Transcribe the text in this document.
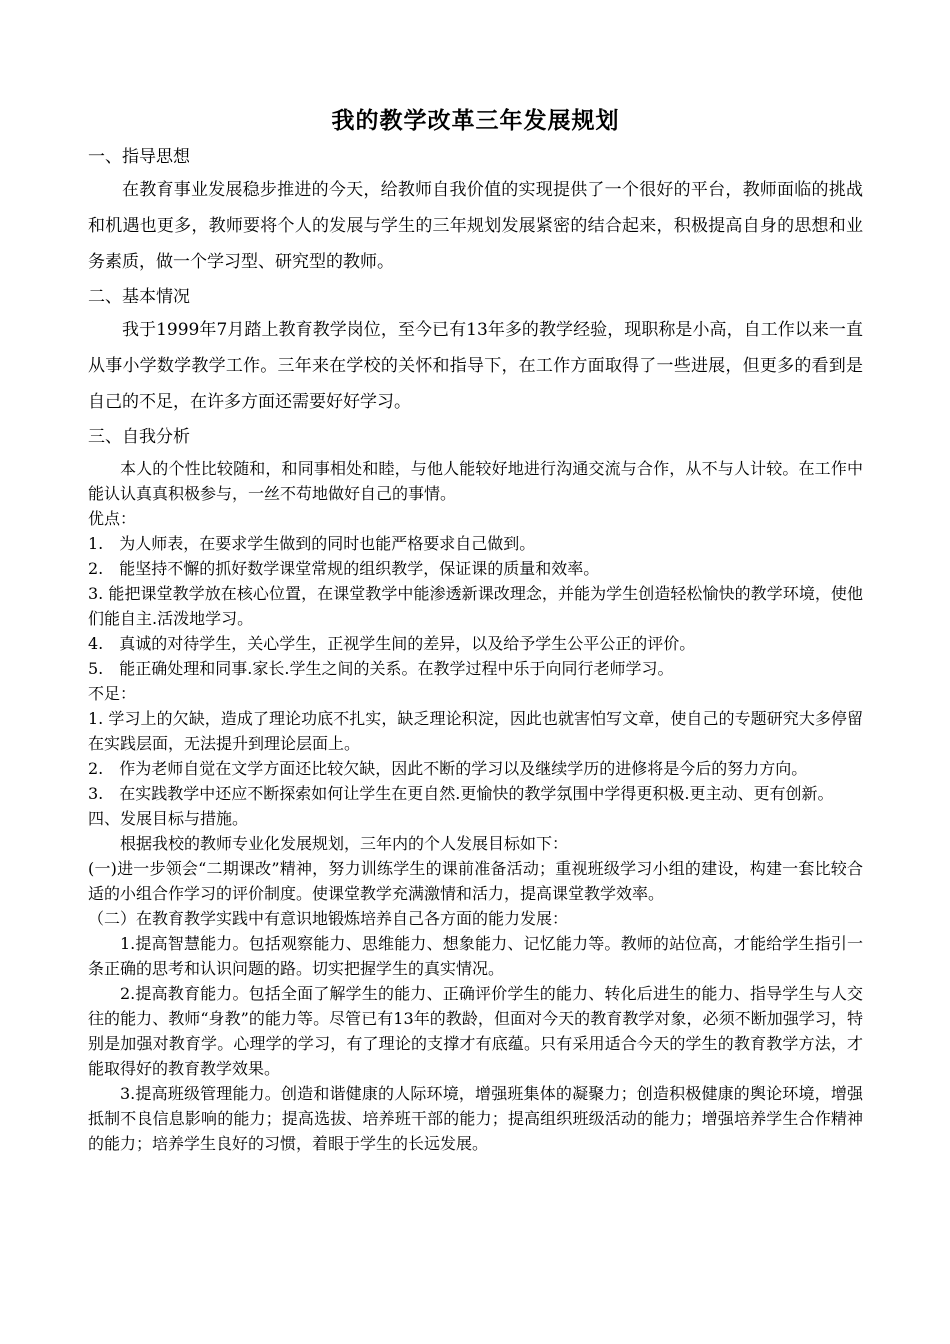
我的教学改革三年发展规划

一、指导思想

在教育事业发展稳步推进的今天，给教师自我价值的实现提供了一个很好的平台，教师面临的挑战和机遇也更多，教师要将个人的发展与学生的三年规划发展紧密的结合起来，积极提高自身的思想和业务素质，做一个学习型、研究型的教师。

二、基本情况

我于1999年7月踏上教育教学岗位，至今已有13年多的教学经验，现职称是小高，自工作以来一直从事小学数学教学工作。三年来在学校的关怀和指导下，在工作方面取得了一些进展，但更多的看到是自己的不足，在许多方面还需要好好学习。

三、自我分析

本人的个性比较随和，和同事相处和睦，与他人能较好地进行沟通交流与合作，从不与人计较。在工作中能认认真真积极参与，一丝不苟地做好自己的事情。

优点：

1.　为人师表，在要求学生做到的同时也能严格要求自己做到。

2.　能坚持不懈的抓好数学课堂常规的组织教学，保证课的质量和效率。

3. 能把课堂教学放在核心位置，在课堂教学中能渗透新课改理念，并能为学生创造轻松愉快的教学环境，使他们能自主.活泼地学习。

4.　真诚的对待学生，关心学生，正视学生间的差异，以及给予学生公平公正的评价。

5.　能正确处理和同事.家长.学生之间的关系。在教学过程中乐于向同行老师学习。

不足：

1. 学习上的欠缺，造成了理论功底不扎实，缺乏理论积淀，因此也就害怕写文章，使自己的专题研究大多停留在实践层面，无法提升到理论层面上。

2.　作为老师自觉在文学方面还比较欠缺，因此不断的学习以及继续学历的进修将是今后的努力方向。

3.　在实践教学中还应不断探索如何让学生在更自然.更愉快的教学氛围中学得更积极.更主动、更有创新。

四、发展目标与措施。

根据我校的教师专业化发展规划，三年内的个人发展目标如下：

(一)进一步领会“二期课改”精神，努力训练学生的课前准备活动；重视班级学习小组的建设，构建一套比较合适的小组合作学习的评价制度。使课堂教学充满激情和活力，提高课堂教学效率。

（二）在教育教学实践中有意识地锻炼培养自己各方面的能力发展：

1.提高智慧能力。包括观察能力、思维能力、想象能力、记忆能力等。教师的站位高，才能给学生指引一条正确的思考和认识问题的路。切实把握学生的真实情况。

2.提高教育能力。包括全面了解学生的能力、正确评价学生的能力、转化后进生的能力、指导学生与人交往的能力、教师“身教”的能力等。尽管已有13年的教龄，但面对今天的教育教学对象，必须不断加强学习，特别是加强对教育学。心理学的学习，有了理论的支撑才有底蕴。只有采用适合今天的学生的教育教学方法，才能取得好的教育教学效果。

3.提高班级管理能力。创造和谐健康的人际环境，增强班集体的凝聚力；创造积极健康的舆论环境，增强抵制不良信息影响的能力；提高选拔、培养班干部的能力；提高组织班级活动的能力；增强培养学生合作精神的能力；培养学生良好的习惯，着眼于学生的长远发展。
